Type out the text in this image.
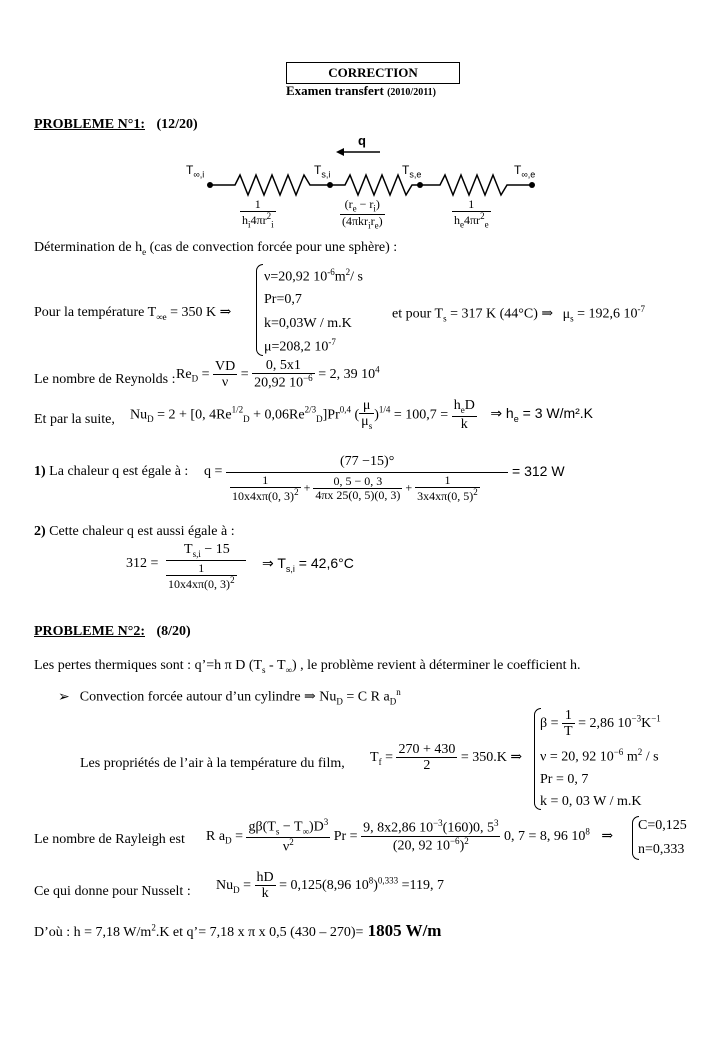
CORRECTION
Examen transfert (2010/2011)
PROBLEME N°1: (12/20)
q
$T_{\infty,i}$	$T_{s,i}$	$T_{s,e}$	$T_{\infty,e}$
$\frac{1}{h_i4\pi r^2_i}$	$\frac{(r_e - r_i)}{(4\pi kr_ir_e)}$	$\frac{1}{h_e4\pi r^2_e}$
Détermination de $h_e$ (cas de convection forcée pour une sphère) :
ν=20,92 $10^{-6}m^2/$ s
Pr=0,7
k=0,03W / m.K
μ=208,2 $10^{-7}$
Pour la température $T_{\infty e} = 350$ K ⇒	et pour $T_s = 317$ K (44°C) ⇒ $\mu_s = 192,6$ $10^{-7}$
Le nombre de Reynolds : $Re_D = \frac{VD}{\nu} = \frac{0, 5x1}{20,92 10^{-6}} = 2$, 39 $10^4$
Et par la suite, $Nu_D = 2 + [0$, $4Re^{1/2}_D + 0,06Re^{2/3}_D]Pr^{0,4}$ ( $\frac{\mu}{\mu_s} )^{1/4} = 100,7 = \frac{h_eD}{k}$ ⇒ $h_e = 3$ W/m².K
1) La chaleur q est égale à : q =
(77 −15)°
= 312 W
$\frac{1}{10x4x\pi(0, 3)^2} + \frac{0, 5 - 0, 3}{4\pi x 25(0, 5)(0, 3)} + \frac{1}{3x4x\pi(0, 5)^2}$
2) Cette chaleur q est aussi égale à :
312 =
$T_{s,i} - 15$
$\frac{1}{10x4x\pi(0, 3)^2}$ ⇒ $T_{s,i} = 42,6^\circ C$
PROBLEME N°2: (8/20)
Les pertes thermiques sont : q’=h π D $(T_s - T_\infty)$ , le problème revient à déterminer le coefficient h.
➢ Convection forcée autour d’un cylindre ⇒ $Nu_D = C$ R $a_D^n$
Les propriétés de l’air à la température du film, $T_f = \frac{270 + 430}{2} = 350.K$ ⇒
$\beta = \frac{1}{T} = 2,86$ $10^{-3}K^{-1}$
ν = 20, 92 $10^{-6}$ $m^2$ / s
Pr = 0, 7
k = 0, 03 W / m.K
Le nombre de Rayleigh est R $a_D = \frac{g\beta(T_s - T_\infty)D^3}{\nu^2}$ $Pr = \frac{9, 8x2,86 10^{-3}(160)0, 5^3}{(20, 92 10^{-6})^2} 0$, 7 = 8, 96 $10^8$ ⇒
C=0,125
n=0,333
Ce qui donne pour Nusselt : $Nu_D = \frac{hD}{k} = 0,125(8,96$ $10^8)^{0,333} =119$, 7
D’où : h = 7,18 $W/m^2.K$ et q’= 7,18 x π x 0,5 (430 – 270)= 1805 W/m
